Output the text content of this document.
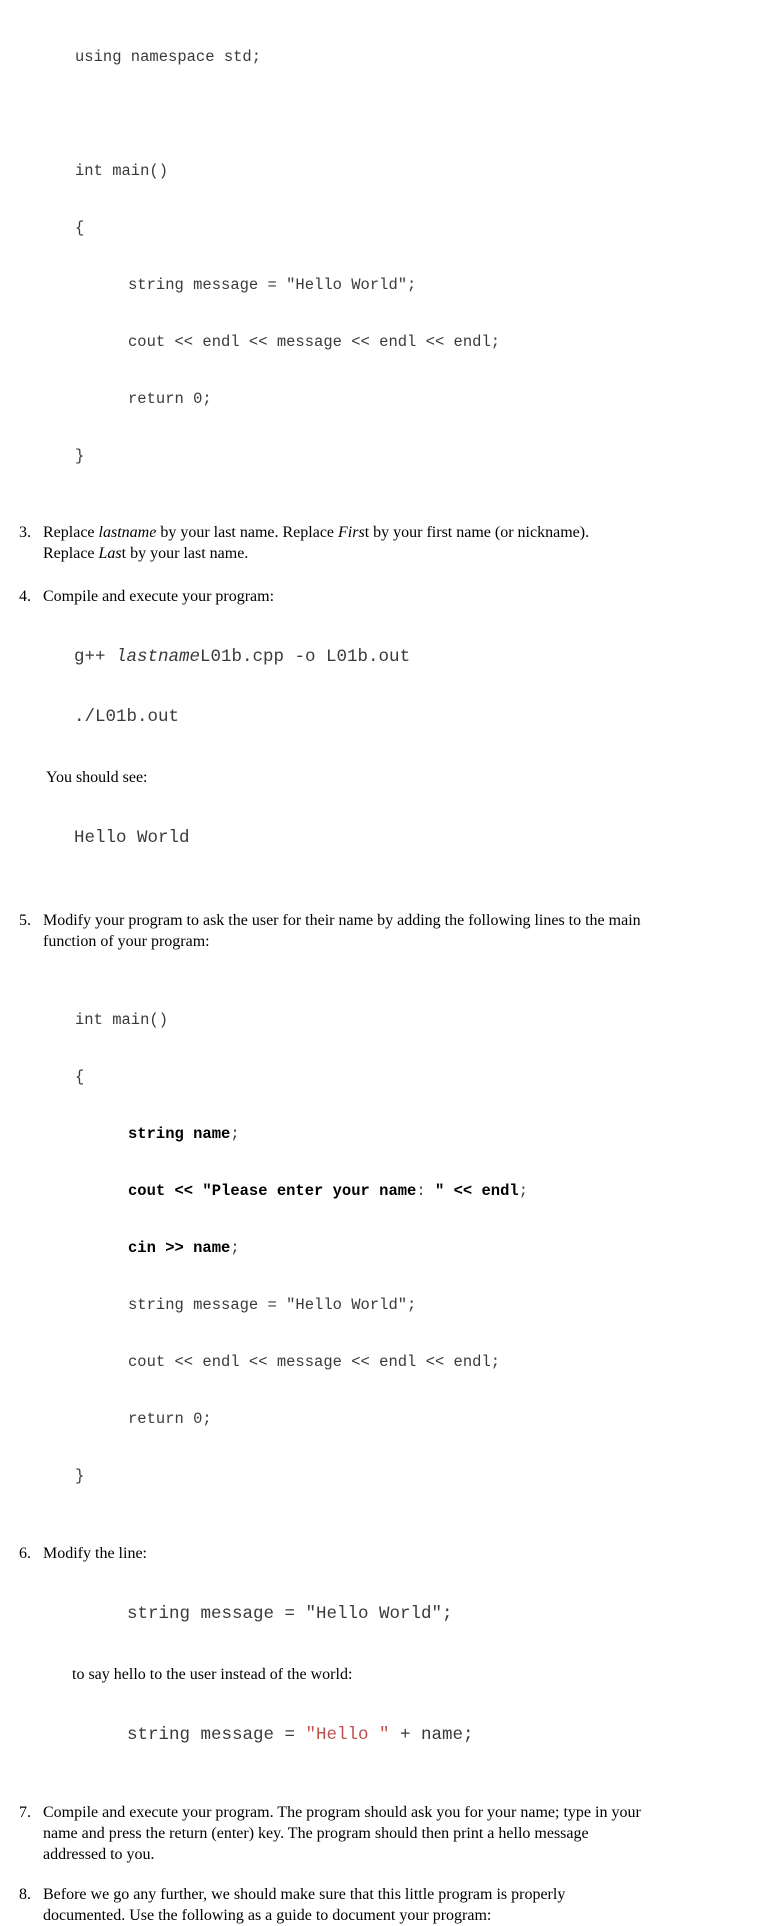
using namespace std;

int main()

{

string message = "Hello World";

cout << endl << message << endl << endl;

return 0;

}

3. Replace lastname by your last name. Replace First by your first name (or nickname).
Replace Last by your last name.
4. Compile and execute your program:

g++ lastnameL01b.cpp -o L01b.out

./L01b.out

You should see:

Hello World

5. Modify your program to ask the user for their name by adding the following lines to the main
function of your program:

int main()

{

string name;

cout << "Please enter your name: " << endl;

cin >> name;

string message = "Hello World";

cout << endl << message << endl << endl;

return 0;

}

6. Modify the line:

string message = "Hello World";

to say hello to the user instead of the world:

string message = "Hello " + name;

7. Compile and execute your program. The program should ask you for your name; type in your
name and press the return (enter) key. The program should then print a hello message
addressed to you.
8. Before we go any further, we should make sure that this little program is properly
documented. Use the following as a guide to document your program:
